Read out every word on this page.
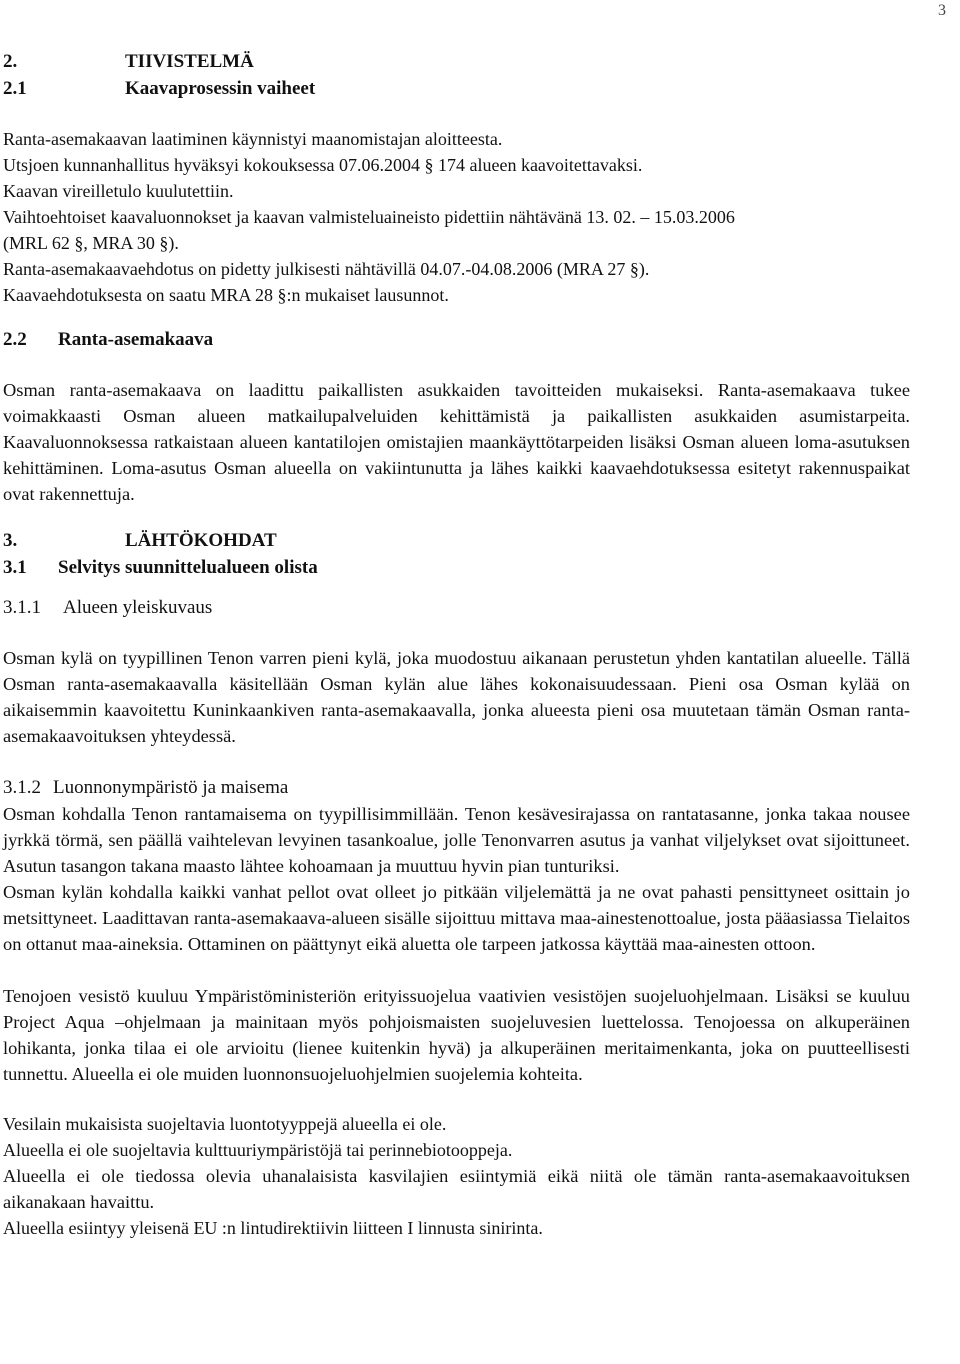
3
2.	TIIVISTELMÄ
2.1	Kaavaprosessin vaiheet
Ranta-asemakaavan laatiminen käynnistyi maanomistajan aloitteesta.
Utsjoen kunnanhallitus hyväksyi kokouksessa 07.06.2004 § 174 alueen kaavoitettavaksi.
Kaavan vireilletulo kuulutettiin.
Vaihtoehtoiset kaavaluonnokset ja kaavan valmisteluaineisto pidettiin nähtävänä 13. 02. – 15.03.2006
(MRL 62 §, MRA 30 §).
Ranta-asemakaavaehdotus on pidetty julkisesti nähtävillä 04.07.-04.08.2006 (MRA 27 §).
Kaavaehdotuksesta on saatu MRA 28 §:n mukaiset lausunnot.
2.2	Ranta-asemakaava

Osman ranta-asemakaava on laadittu paikallisten asukkaiden tavoitteiden mukaiseksi. Ranta-asemakaava tukee voimakkaasti Osman alueen matkailupalveluiden kehittämistä ja paikallisten asukkaiden asumistarpeita. Kaavaluonnoksessa ratkaistaan alueen kantatilojen omistajien maankäyttötarpeiden lisäksi Osman alueen loma-asutuksen kehittäminen. Loma-asutus Osman alueella on vakiintunutta ja lähes kaikki kaavaehdotuksessa esitetyt rakennuspaikat ovat rakennettuja.

3.	LÄHTÖKOHDAT
3.1	Selvitys suunnittelualueen olista
3.1.1	Alueen yleiskuvaus

Osman kylä on tyypillinen Tenon varren pieni kylä, joka muodostuu aikanaan perustetun yhden kantatilan alueelle. Tällä Osman ranta-asemakaavalla käsitellään Osman kylän alue lähes kokonaisuudessaan. Pieni osa Osman kylää on aikaisemmin kaavoitettu Kuninkaankiven ranta-asemakaavalla, jonka alueesta pieni osa muutetaan tämän Osman ranta-asemakaavoituksen yhteydessä.

3.1.2 Luonnonympäristö ja maisema

Osman kohdalla Tenon rantamaisema on tyypillisimmillään. Tenon kesävesirajassa on rantatasanne, jonka takaa nousee jyrkkä törmä, sen päällä vaihtelevan levyinen tasankoalue, jolle Tenonvarren asutus ja vanhat viljelykset ovat sijoittuneet. Asutun tasangon takana maasto lähtee kohoamaan ja muuttuu hyvin pian tunturiksi.

Osman kylän kohdalla kaikki vanhat pellot ovat olleet jo pitkään viljelemättä ja ne ovat pahasti pensittyneet osittain jo metsittyneet. Laadittavan ranta-asemakaava-alueen sisälle sijoittuu mittava maa-ainestenottoalue, josta pääasiassa Tielaitos on ottanut maa-aineksia. Ottaminen on päättynyt eikä aluetta ole tarpeen jatkossa käyttää maa-ainesten ottoon.

Tenojoen vesistö kuuluu Ympäristöministeriön erityissuojelua vaativien vesistöjen suojeluohjelmaan. Lisäksi se kuuluu Project Aqua –ohjelmaan ja mainitaan myös pohjoismaisten suojeluvesien luettelossa. Tenojoessa on alkuperäinen lohikanta, jonka tilaa ei ole arvioitu (lienee kuitenkin hyvä) ja alkuperäinen meritaimenkanta, joka on puutteellisesti tunnettu. Alueella ei ole muiden luonnonsuojeluohjelmien suojelemia kohteita.

Vesilain mukaisista suojeltavia luontotyyppejä alueella ei ole.
Alueella ei ole suojeltavia kulttuuriympäristöjä tai perinnebiotooppeja.

Alueella ei ole tiedossa olevia uhanalaisista kasvilajien esiintymiä eikä niitä ole tämän ranta-asemakaavoituksen aikanakaan havaittu.

Alueella esiintyy yleisenä EU :n lintudirektiivin liitteen I linnusta sinirinta.
